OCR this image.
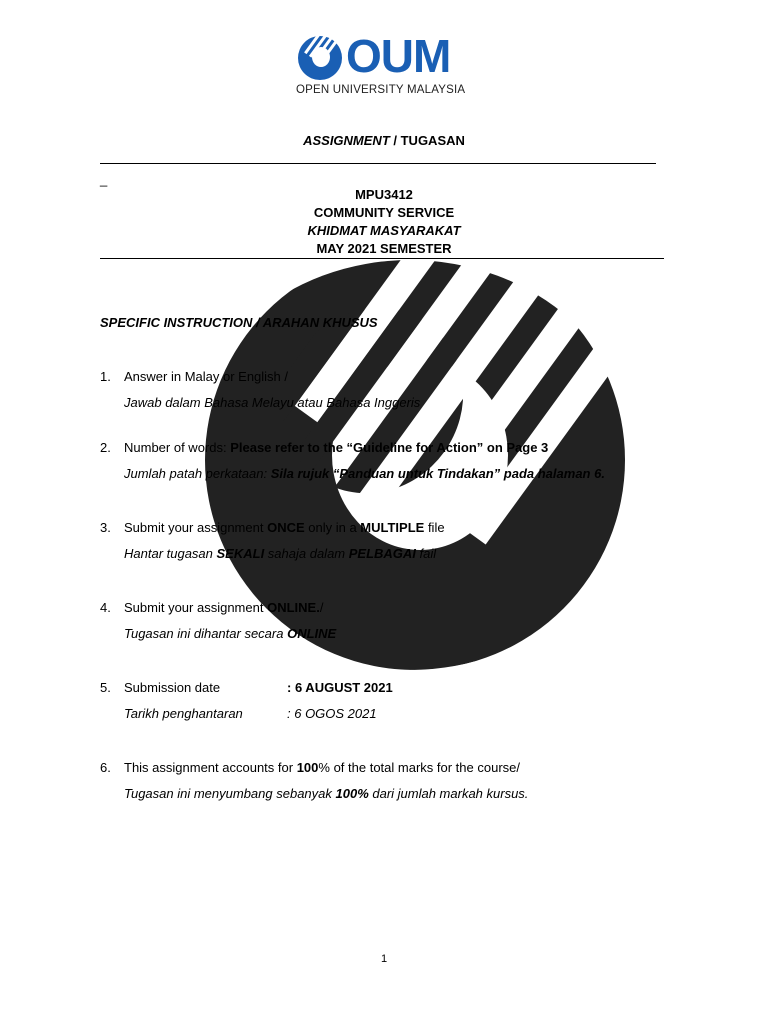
OUM
OPEN UNIVERSITY MALAYSIA
ASSIGNMENT / TUGASAN
_
MPU3412
COMMUNITY SERVICE
KHIDMAT MASYARAKAT
MAY 2021 SEMESTER
SPECIFIC INSTRUCTION / ARAHAN KHUSUS
1. Answer in Malay or English /
Jawab dalam Bahasa Melayu atau Bahasa Inggeris
2. Number of words: Please refer to the “Guideline for Action” on Page 3
Jumlah patah perkataan: Sila rujuk “Panduan untuk Tindakan” pada halaman 6.
3. Submit your assignment ONCE only in a MULTIPLE file
Hantar tugasan SEKALI sahaja dalam PELBAGAI fail
4. Submit your assignment ONLINE./
Tugasan ini dihantar secara ONLINE
5. Submission date	: 6 AUGUST 2021
Tarikh penghantaran	: 6 OGOS 2021
6. This assignment accounts for 100% of the total marks for the course/
Tugasan ini menyumbang sebanyak 100% dari jumlah markah kursus.
1
